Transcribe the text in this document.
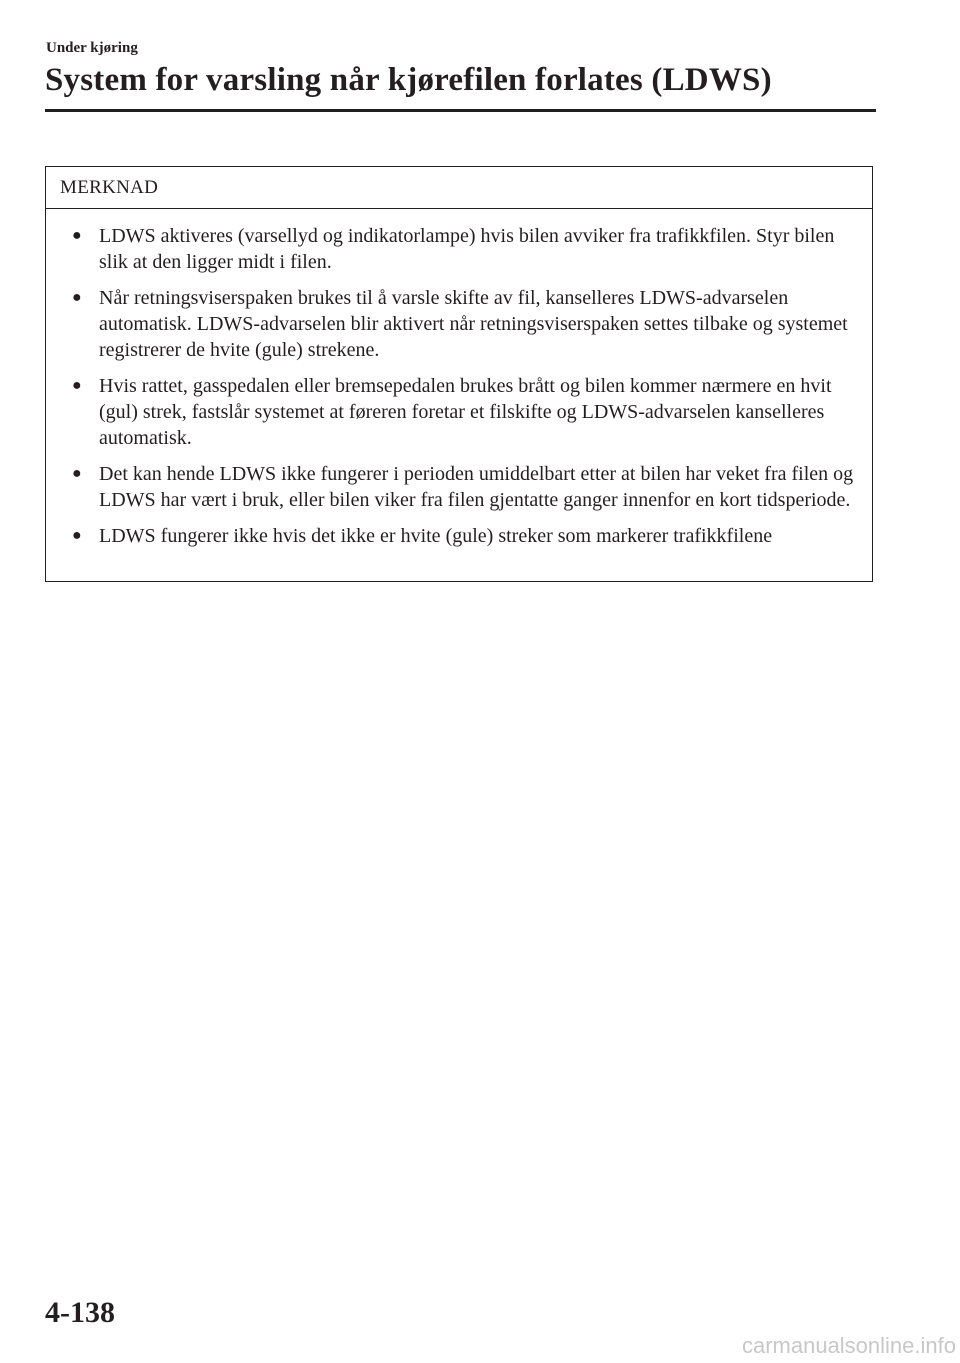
Under kjøring
System for varsling når kjørefilen forlates (LDWS)
MERKNAD
● LDWS aktiveres (varsellyd og indikatorlampe) hvis bilen avviker fra trafikkfilen. Styr bilen slik at den ligger midt i filen.
● Når retningsviserspaken brukes til å varsle skifte av fil, kanselleres LDWS-advarselen automatisk. LDWS-advarselen blir aktivert når retningsviserspaken settes tilbake og systemet registrerer de hvite (gule) strekene.
● Hvis rattet, gasspedalen eller bremsepedalen brukes brått og bilen kommer nærmere en hvit (gul) strek, fastslår systemet at føreren foretar et filskifte og LDWS-advarselen kanselleres automatisk.
● Det kan hende LDWS ikke fungerer i perioden umiddelbart etter at bilen har veket fra filen og LDWS har vært i bruk, eller bilen viker fra filen gjentatte ganger innenfor en kort tidsperiode.
● LDWS fungerer ikke hvis det ikke er hvite (gule) streker som markerer trafikkfilene
4-138
carmanualsonline.info
